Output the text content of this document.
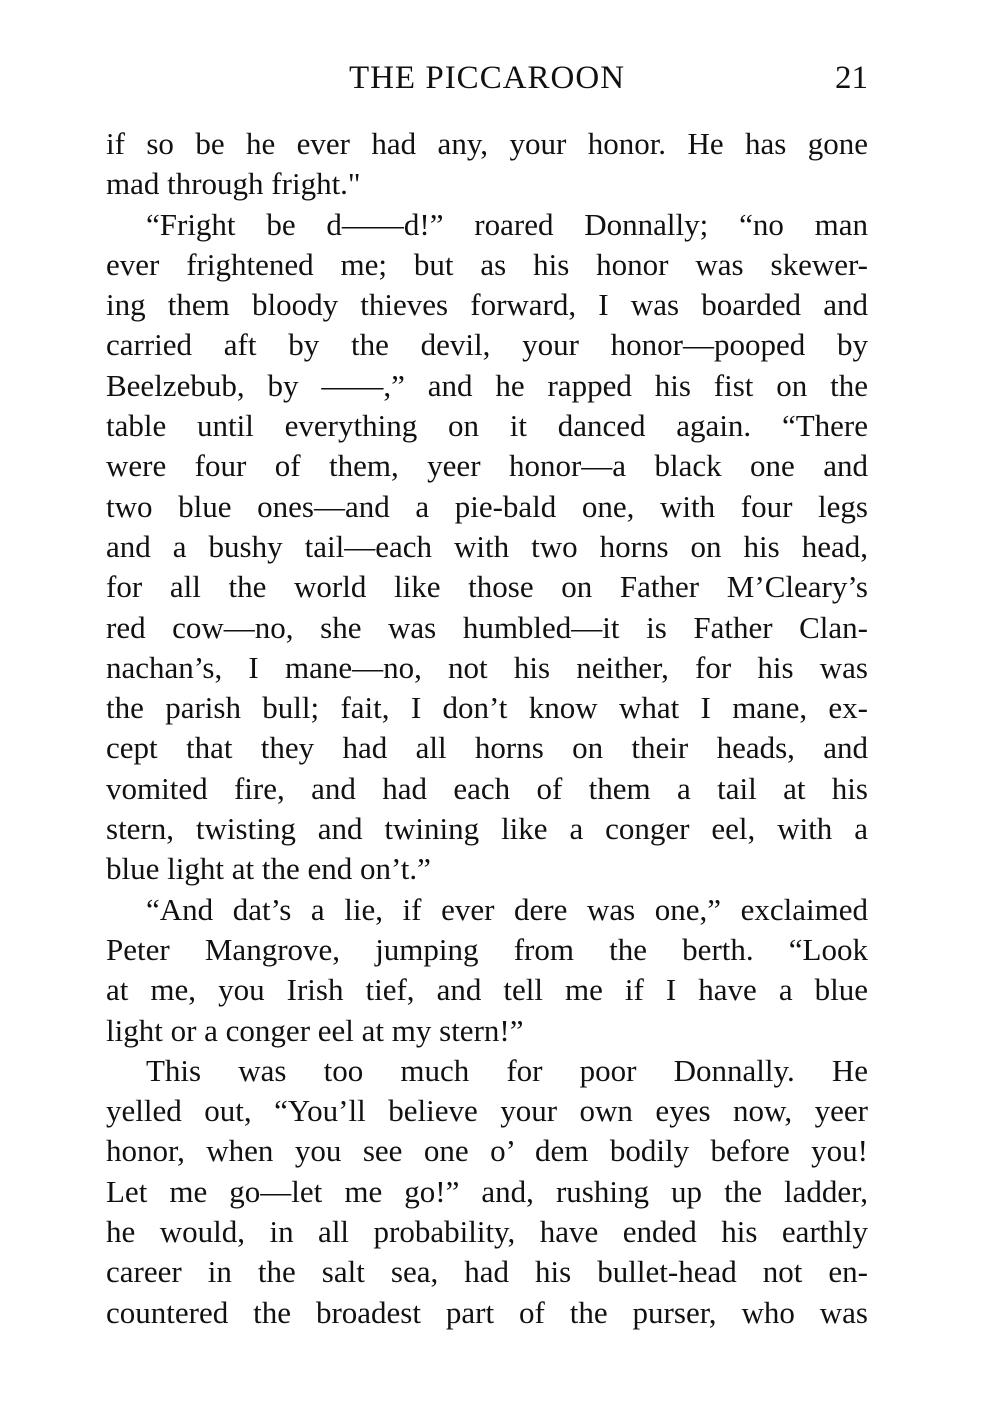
THE PICCAROON	21
if so be he ever had any, your honor. He has gone
mad through fright."
“Fright be d——d!” roared Donnally; “no man
ever frightened me; but as his honor was skewer-
ing them bloody thieves forward, I was boarded and
carried aft by the devil, your honor—pooped by
Beelzebub, by ——,” and he rapped his fist on the
table until everything on it danced again. “There
were four of them, yeer honor—a black one and
two blue ones—and a pie-bald one, with four legs
and a bushy tail—each with two horns on his head,
for all the world like those on Father M’Cleary’s
red cow—no, she was humbled—it is Father Clan-
nachan’s, I mane—no, not his neither, for his was
the parish bull; fait, I don’t know what I mane, ex-
cept that they had all horns on their heads, and
vomited fire, and had each of them a tail at his
stern, twisting and twining like a conger eel, with a
blue light at the end on’t.”
“And dat’s a lie, if ever dere was one,” exclaimed
Peter Mangrove, jumping from the berth. “Look
at me, you Irish tief, and tell me if I have a blue
light or a conger eel at my stern!”
This was too much for poor Donnally. He
yelled out, “You’ll believe your own eyes now, yeer
honor, when you see one o’ dem bodily before you!
Let me go—let me go!” and, rushing up the ladder,
he would, in all probability, have ended his earthly
career in the salt sea, had his bullet-head not en-
countered the broadest part of the purser, who was
